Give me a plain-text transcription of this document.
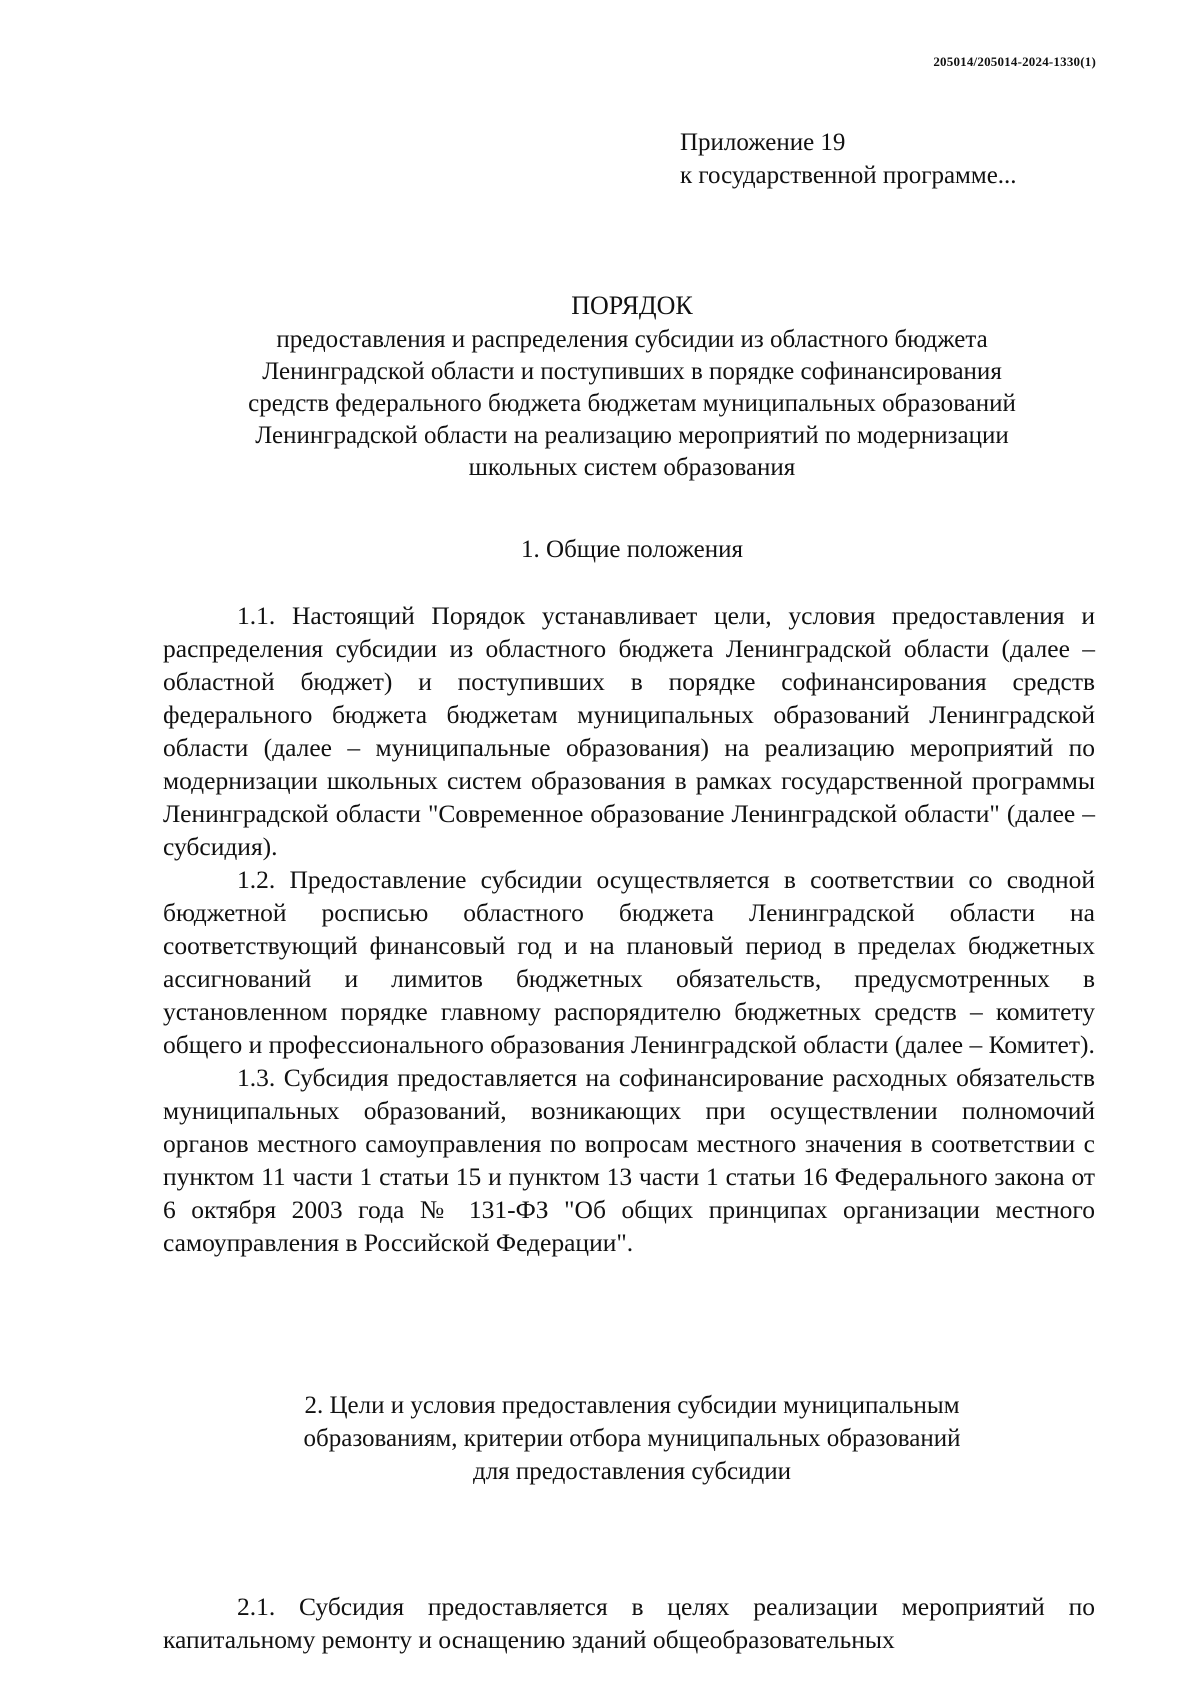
205014/205014-2024-1330(1)
Приложение 19
к государственной программе...
ПОРЯДОК
предоставления и распределения субсидии из областного бюджета
Ленинградской области и поступивших в порядке софинансирования
средств федерального бюджета бюджетам муниципальных образований
Ленинградской области на реализацию мероприятий по модернизации
школьных систем образования
1. Общие положения

1.1. Настоящий Порядок устанавливает цели, условия предоставления и распределения субсидии из областного бюджета Ленинградской области (далее – областной бюджет) и поступивших в порядке софинансирования средств федерального бюджета бюджетам муниципальных образований Ленинградской области (далее – муниципальные образования) на реализацию мероприятий по модернизации школьных систем образования в рамках государственной программы Ленинградской области "Современное образование Ленинградской области" (далее – субсидия).

1.2. Предоставление субсидии осуществляется в соответствии со сводной бюджетной росписью областного бюджета Ленинградской области на соответствующий финансовый год и на плановый период в пределах бюджетных ассигнований и лимитов бюджетных обязательств, предусмотренных в установленном порядке главному распорядителю бюджетных средств – комитету общего и профессионального образования Ленинградской области (далее – Комитет).

1.3. Субсидия предоставляется на софинансирование расходных обязательств муниципальных образований, возникающих при осуществлении полномочий органов местного самоуправления по вопросам местного значения в соответствии с пунктом 11 части 1 статьи 15 и пунктом 13 части 1 статьи 16 Федерального закона от 6 октября 2003 года № 131-ФЗ "Об общих принципах организации местного самоуправления в Российской Федерации".

2. Цели и условия предоставления субсидии муниципальным
образованиям, критерии отбора муниципальных образований
для предоставления субсидии

2.1. Субсидия предоставляется в целях реализации мероприятий по капитальному ремонту и оснащению зданий общеобразовательных
